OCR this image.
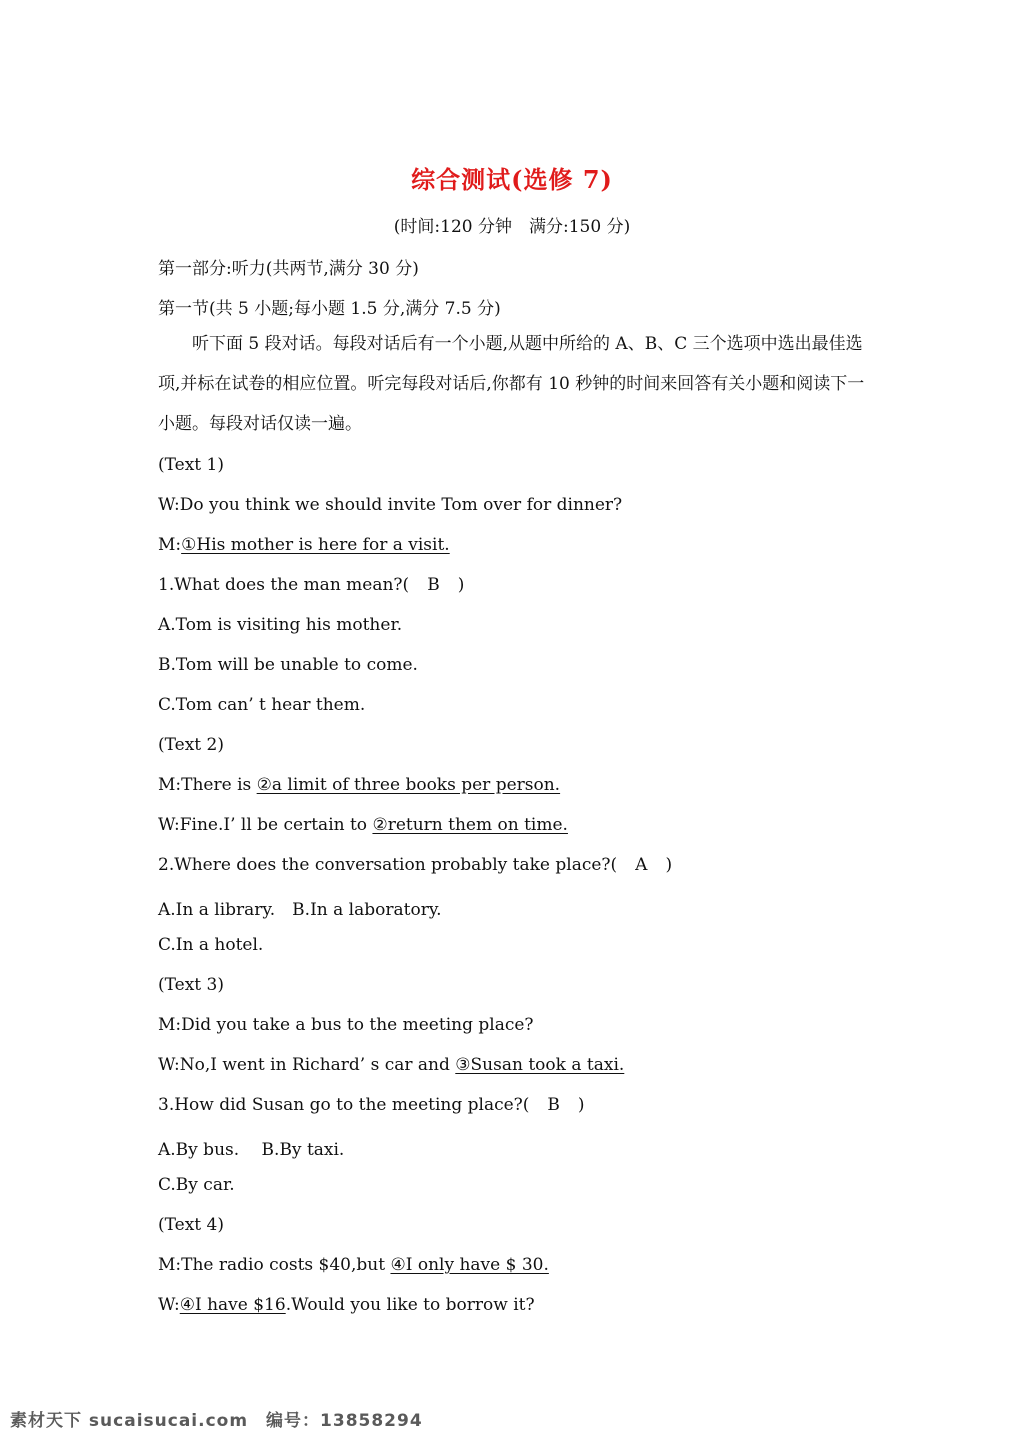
综合测试(选修 7)
(时间:120 分钟　满分:150 分)
第一部分:听力(共两节,满分 30 分)
第一节(共 5 小题;每小题 1.5 分,满分 7.5 分)
听下面 5 段对话。每段对话后有一个小题,从题中所给的 A、B、C 三个选项中选出最佳选项,并标在试卷的相应位置。听完每段对话后,你都有 10 秒钟的时间来回答有关小题和阅读下一小题。每段对话仅读一遍。
(Text 1)
W:Do you think we should invite Tom over for dinner?
M:①His mother is here for a visit.
1.What does the man mean?( B )
A.Tom is visiting his mother.
B.Tom will be unable to come.
C.Tom can’ t hear them.
(Text 2)
M:There is ②a limit of three books per person.
W:Fine.I’ ll be certain to ②return them on time.
2.Where does the conversation probably take place?( A )
A.In a library.　B.In a laboratory.
C.In a hotel.
(Text 3)
M:Did you take a bus to the meeting place?
W:No,I went in Richard’ s car and ③Susan took a taxi.
3.How did Susan go to the meeting place?( B )
A.By bus.　 B.By taxi.
C.By car.
(Text 4)
M:The radio costs $40,but ④I only have $ 30.
W:④I have $16.Would you like to borrow it?
素材天下 sucaisucai.com　编号：13858294
